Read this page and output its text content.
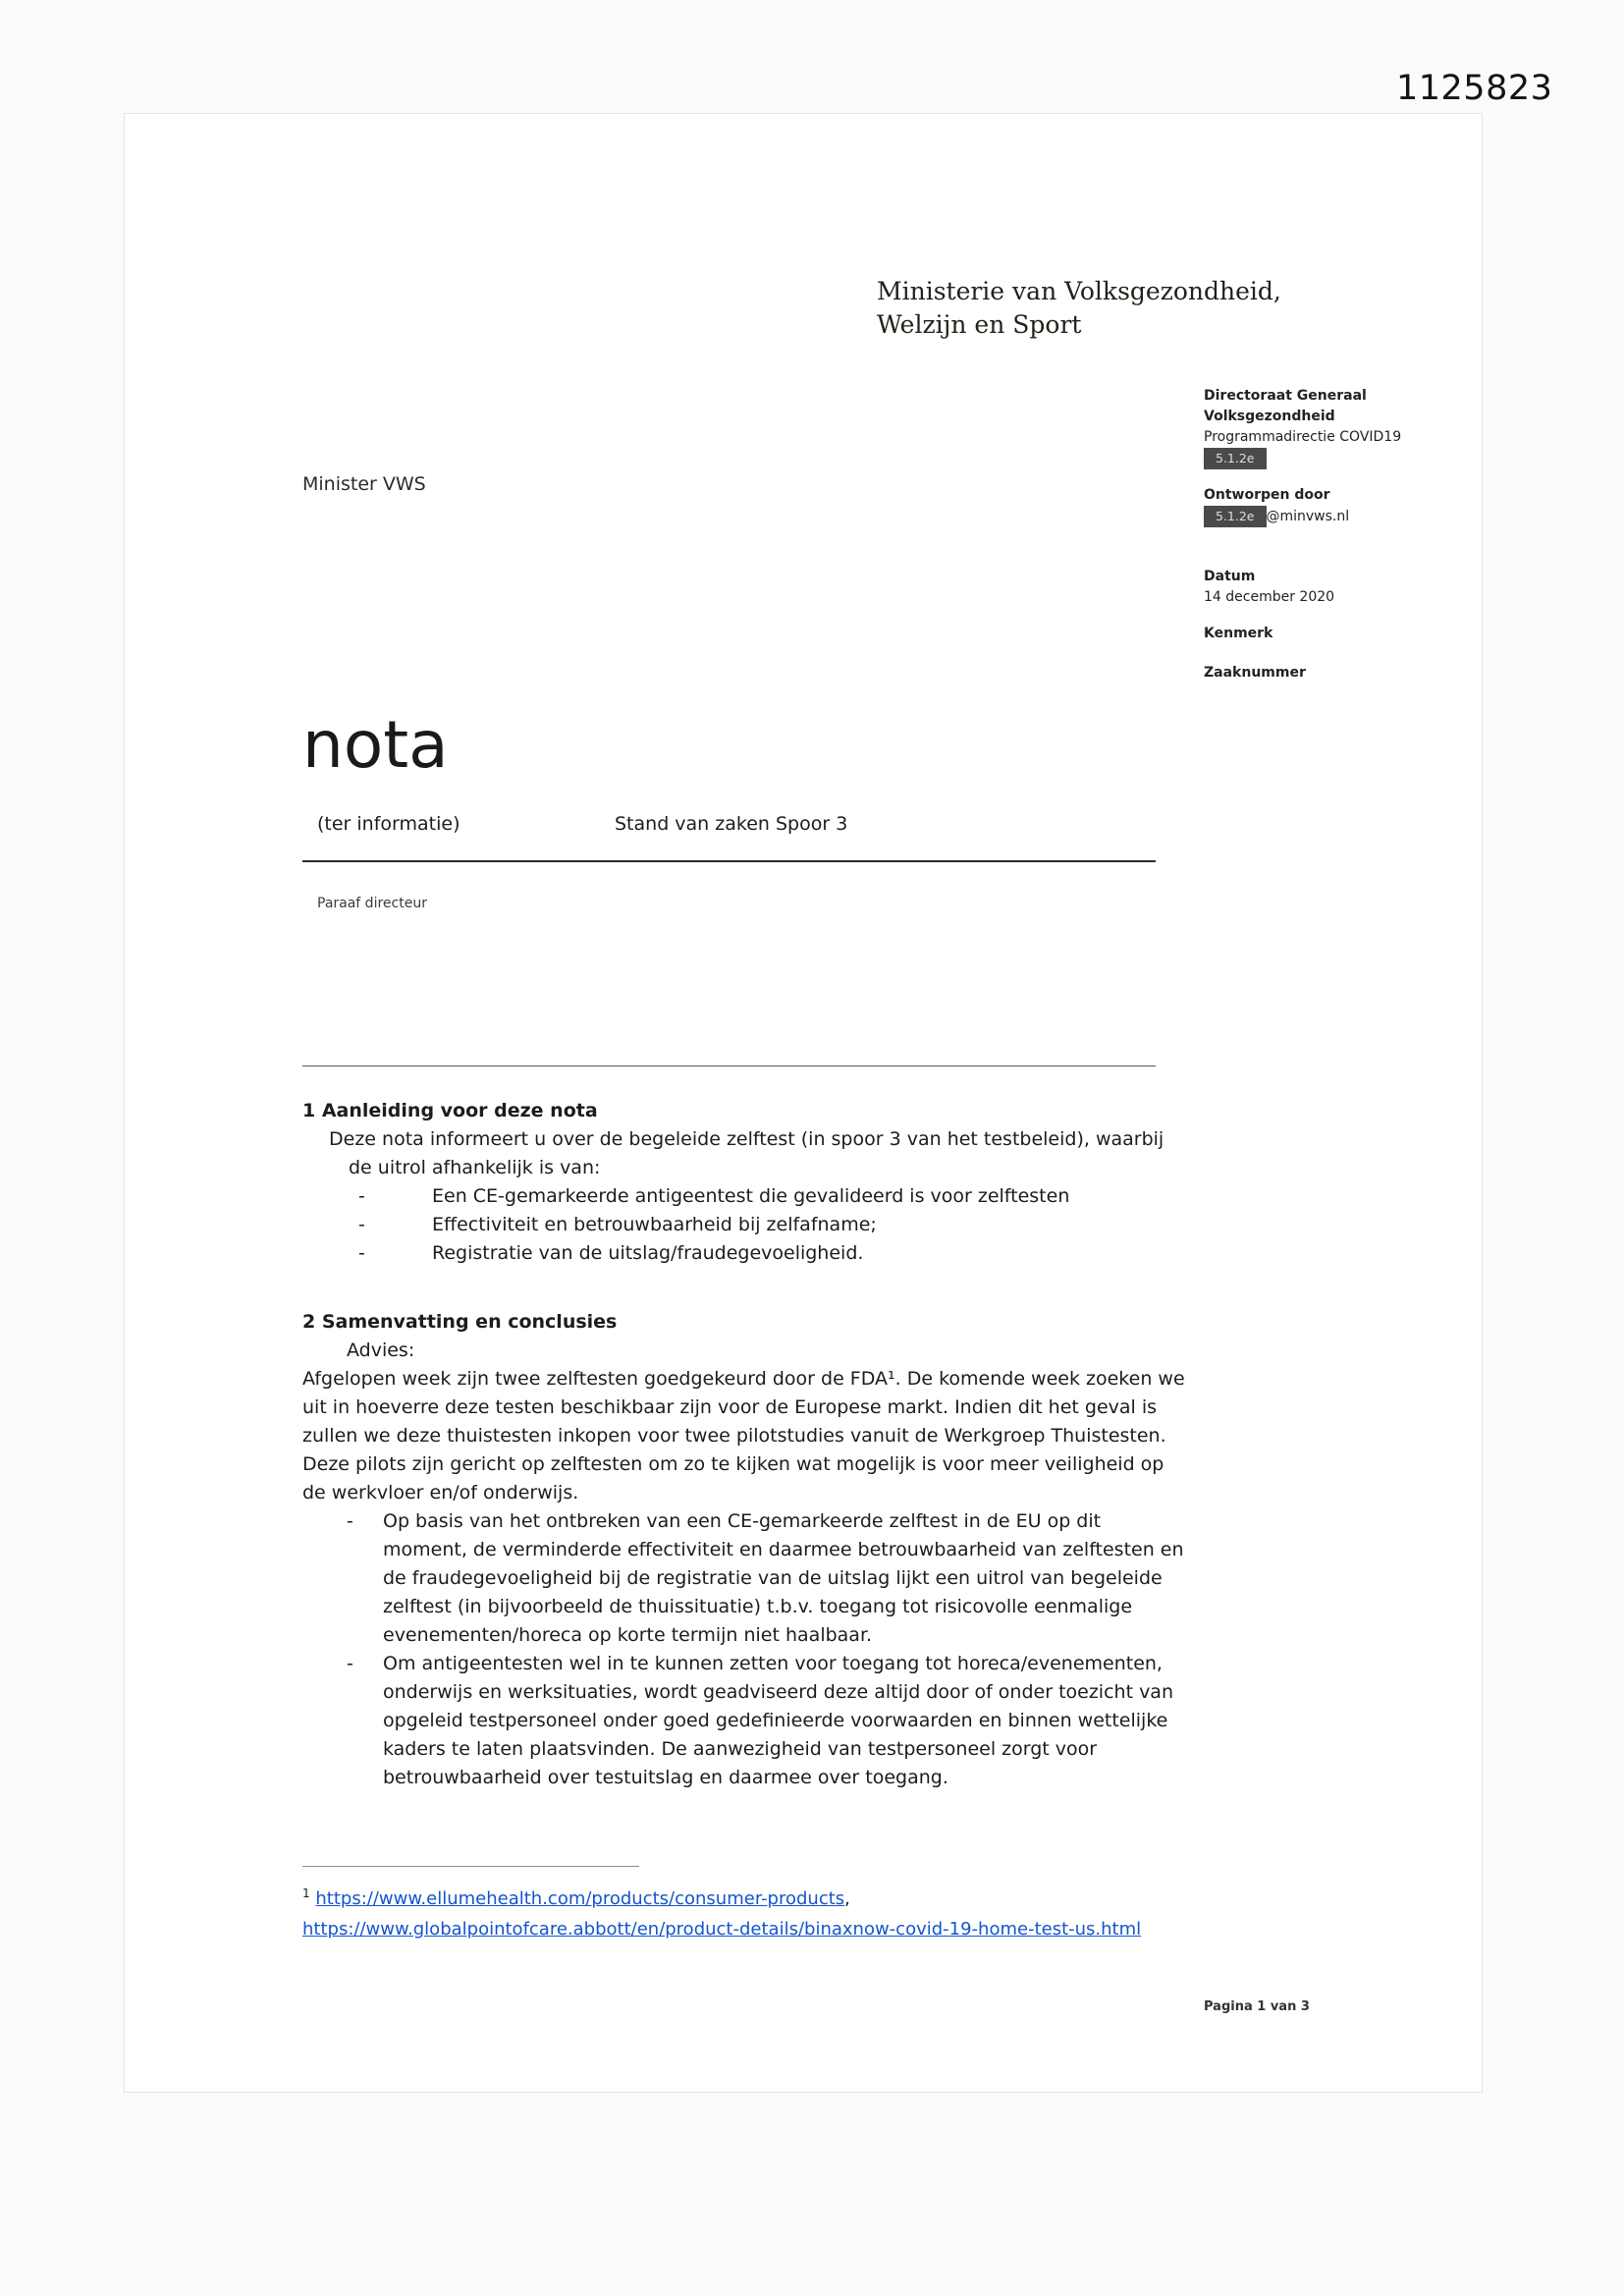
1125823
Ministerie van Volksgezondheid,
Welzijn en Sport
Minister VWS
Directoraat Generaal
Volksgezondheid
Programmadirectie COVID19
5.1.2e
Ontworpen door
5.1.2e @minvws.nl
Datum
14 december 2020
Kenmerk
Zaaknummer
nota
(ter informatie)	Stand van zaken Spoor 3
Paraaf directeur
1 Aanleiding voor deze nota
Deze nota informeert u over de begeleide zelftest (in spoor 3 van het testbeleid), waarbij de uitrol afhankelijk is van:
-	Een CE-gemarkeerde antigeentest die gevalideerd is voor zelftesten
-	Effectiviteit en betrouwbaarheid bij zelfafname;
-	Registratie van de uitslag/fraudegevoeligheid.
2 Samenvatting en conclusies
Advies:
Afgelopen week zijn twee zelftesten goedgekeurd door de FDA¹. De komende week zoeken we uit in hoeverre deze testen beschikbaar zijn voor de Europese markt. Indien dit het geval is zullen we deze thuistesten inkopen voor twee pilotstudies vanuit de Werkgroep Thuistesten. Deze pilots zijn gericht op zelftesten om zo te kijken wat mogelijk is voor meer veiligheid op de werkvloer en/of onderwijs.
- Op basis van het ontbreken van een CE-gemarkeerde zelftest in de EU op dit moment, de verminderde effectiviteit en daarmee betrouwbaarheid van zelftesten en de fraudegevoeligheid bij de registratie van de uitslag lijkt een uitrol van begeleide zelftest (in bijvoorbeeld de thuissituatie) t.b.v. toegang tot risicovolle eenmalige evenementen/horeca op korte termijn niet haalbaar.
- Om antigeentesten wel in te kunnen zetten voor toegang tot horeca/evenementen, onderwijs en werksituaties, wordt geadviseerd deze altijd door of onder toezicht van opgeleid testpersoneel onder goed gedefinieerde voorwaarden en binnen wettelijke kaders te laten plaatsvinden. De aanwezigheid van testpersoneel zorgt voor betrouwbaarheid over testuitslag en daarmee over toegang.
$^1$ https://www.ellumehealth.com/products/consumer-products,
https://www.globalpointofcare.abbott/en/product-details/binaxnow-covid-19-home-test-us.html
Pagina 1 van 3
